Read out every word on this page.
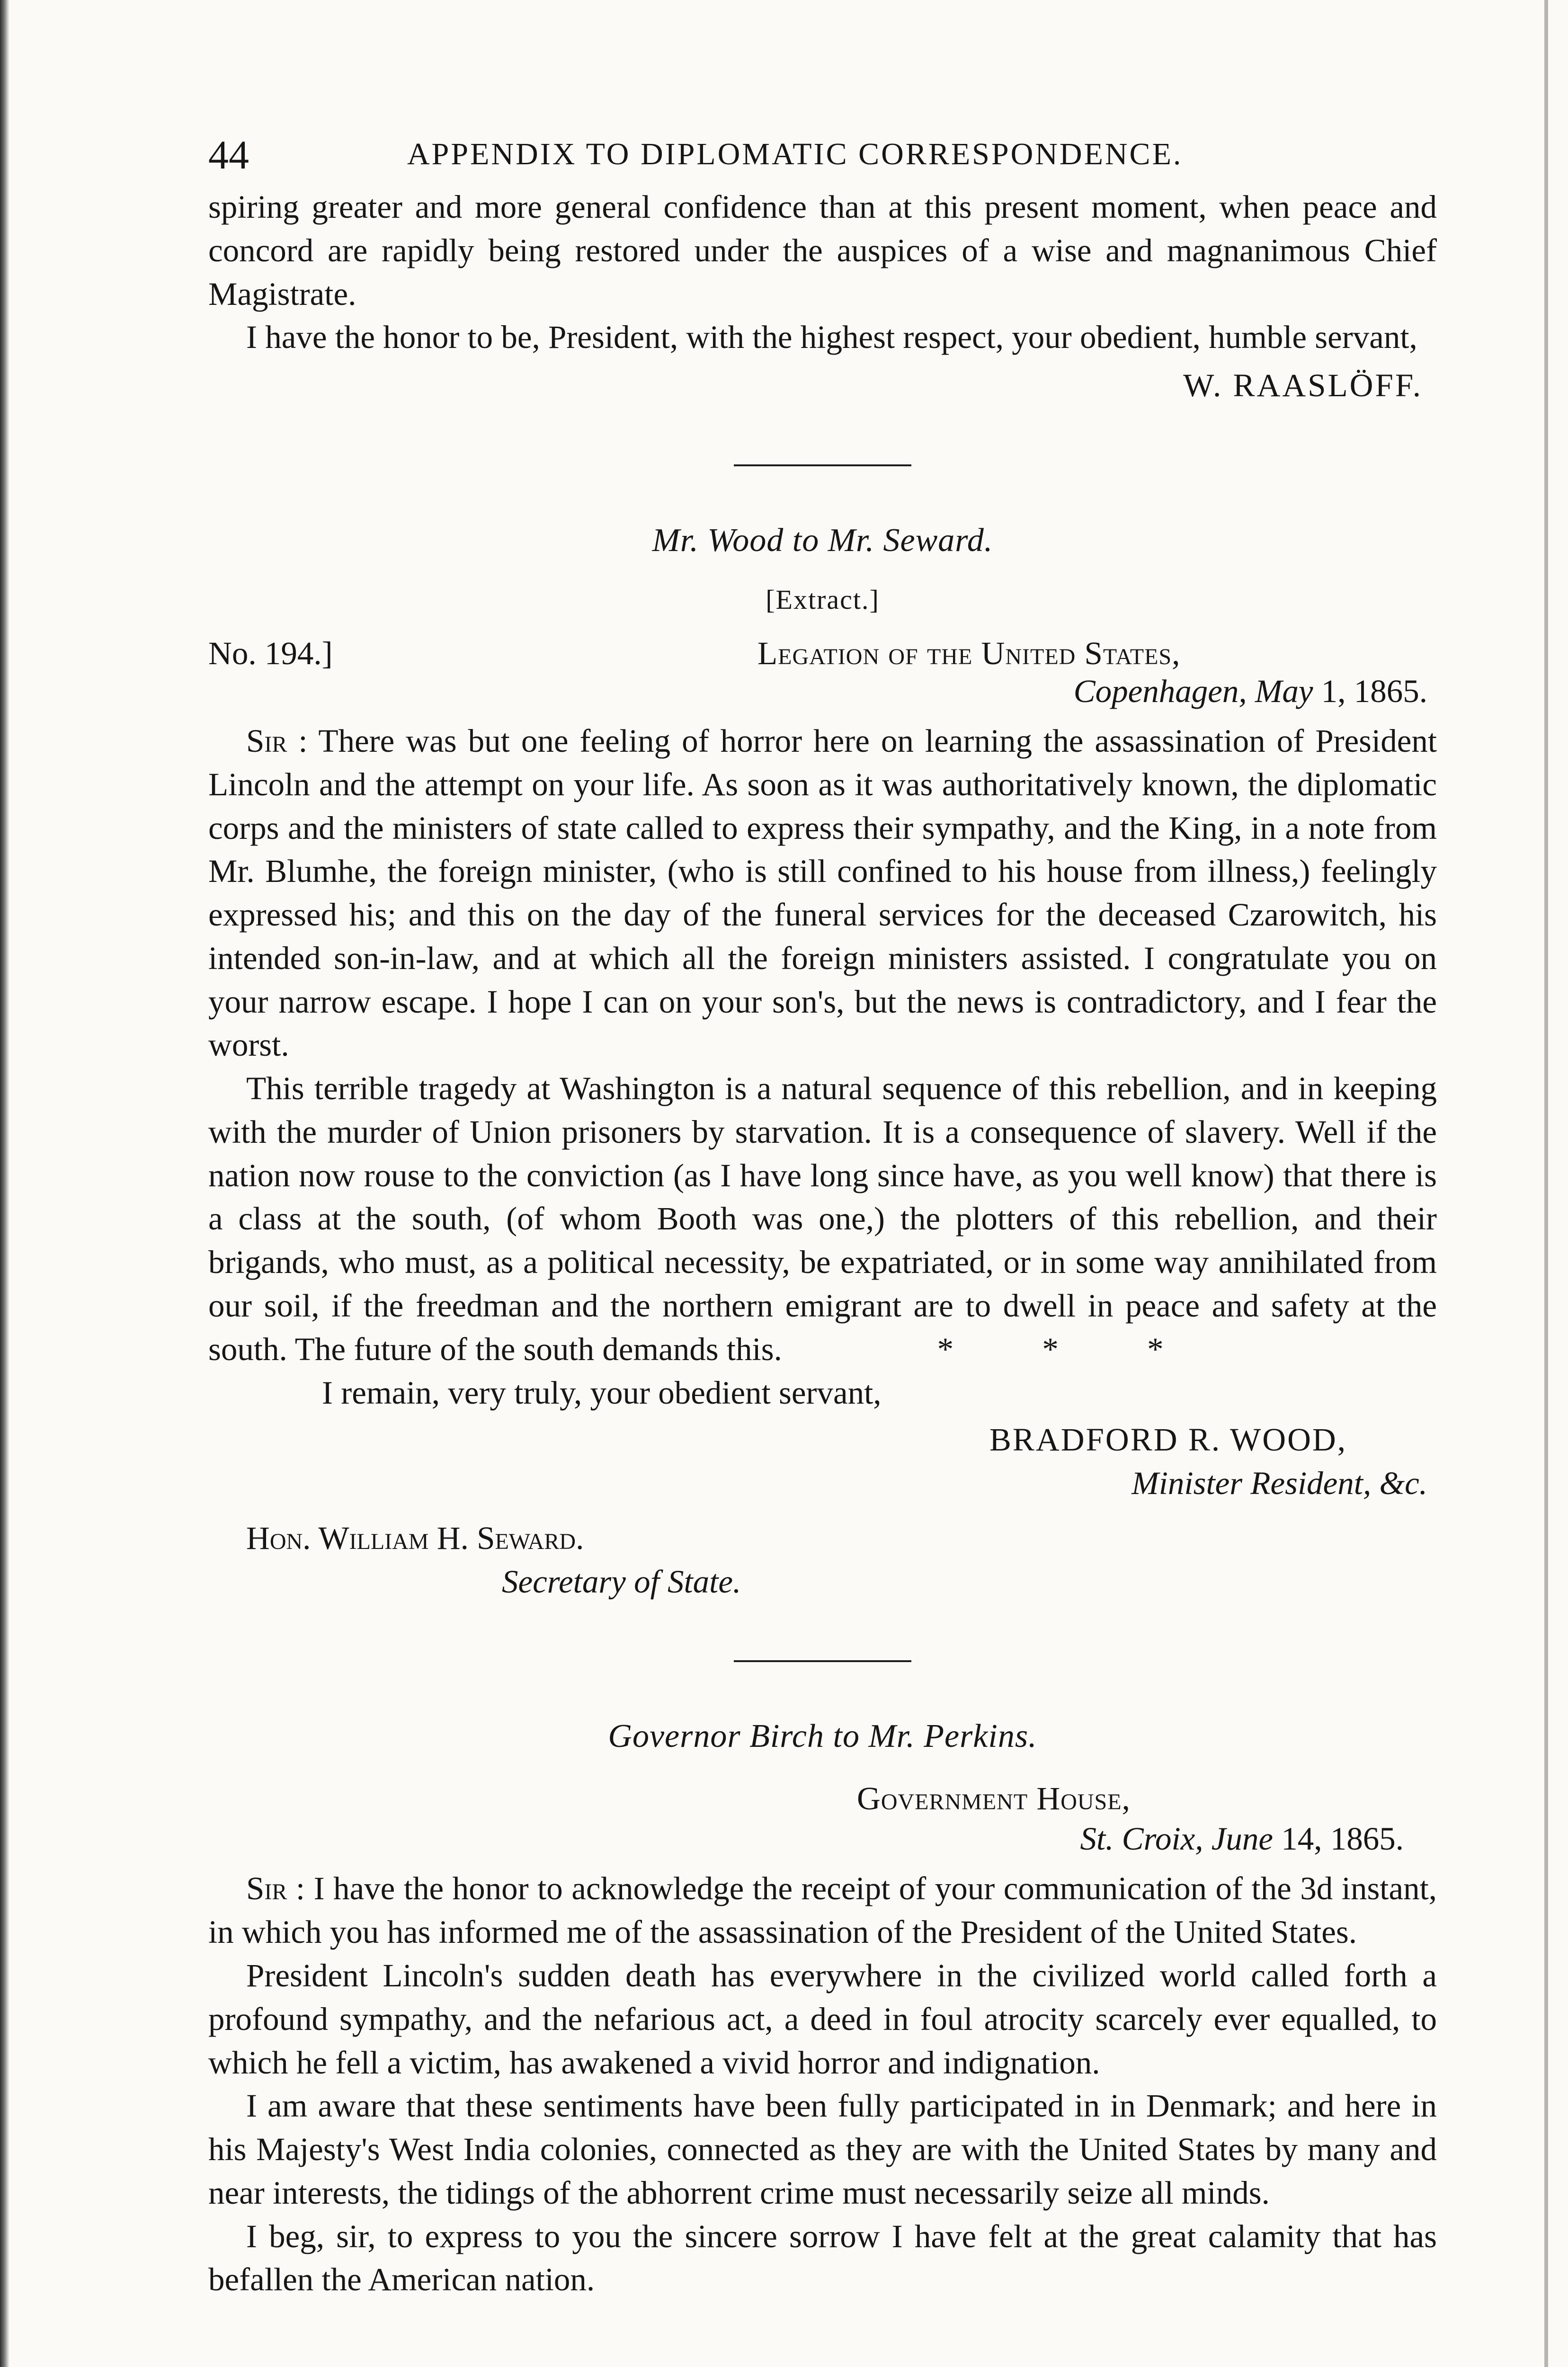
44	APPENDIX TO DIPLOMATIC CORRESPONDENCE.

spiring greater and more general confidence than at this present moment, when peace and concord are rapidly being restored under the auspices of a wise and magnanimous Chief Magistrate.

I have the honor to be, President, with the highest respect, your obedient, humble servant,

W. RAASLÖFF.

Mr. Wood to Mr. Seward.
[Extract.]
No. 194.]	Legation of the United States,
Copenhagen, May 1, 1865.

Sir : There was but one feeling of horror here on learning the assassination of President Lincoln and the attempt on your life. As soon as it was authoritatively known, the diplomatic corps and the ministers of state called to express their sympathy, and the King, in a note from Mr. Blumhe, the foreign minister, (who is still confined to his house from illness,) feelingly expressed his; and this on the day of the funeral services for the deceased Czarowitch, his intended son-in-law, and at which all the foreign ministers assisted. I congratulate you on your narrow escape. I hope I can on your son's, but the news is contradictory, and I fear the worst.

This terrible tragedy at Washington is a natural sequence of this rebellion, and in keeping with the murder of Union prisoners by starvation. It is a consequence of slavery. Well if the nation now rouse to the conviction (as I have long since have, as you well know) that there is a class at the south, (of whom Booth was one,) the plotters of this rebellion, and their brigands, who must, as a political necessity, be expatriated, or in some way annihilated from our soil, if the freedman and the northern emigrant are to dwell in peace and safety at the south. The future of the south demands this.	* * *

I remain, very truly, your obedient servant,

BRADFORD R. WOOD,

Minister Resident, &c.

Hon. William H. Seward.

Secretary of State.

Governor Birch to Mr. Perkins.
Government House,
St. Croix, June 14, 1865.

Sir : I have the honor to acknowledge the receipt of your communication of the 3d instant, in which you has informed me of the assassination of the President of the United States.

President Lincoln's sudden death has everywhere in the civilized world called forth a profound sympathy, and the nefarious act, a deed in foul atrocity scarcely ever equalled, to which he fell a victim, has awakened a vivid horror and indignation.

I am aware that these sentiments have been fully participated in in Denmark; and here in his Majesty's West India colonies, connected as they are with the United States by many and near interests, the tidings of the abhorrent crime must necessarily seize all minds.

I beg, sir, to express to you the sincere sorrow I have felt at the great calamity that has befallen the American nation.
